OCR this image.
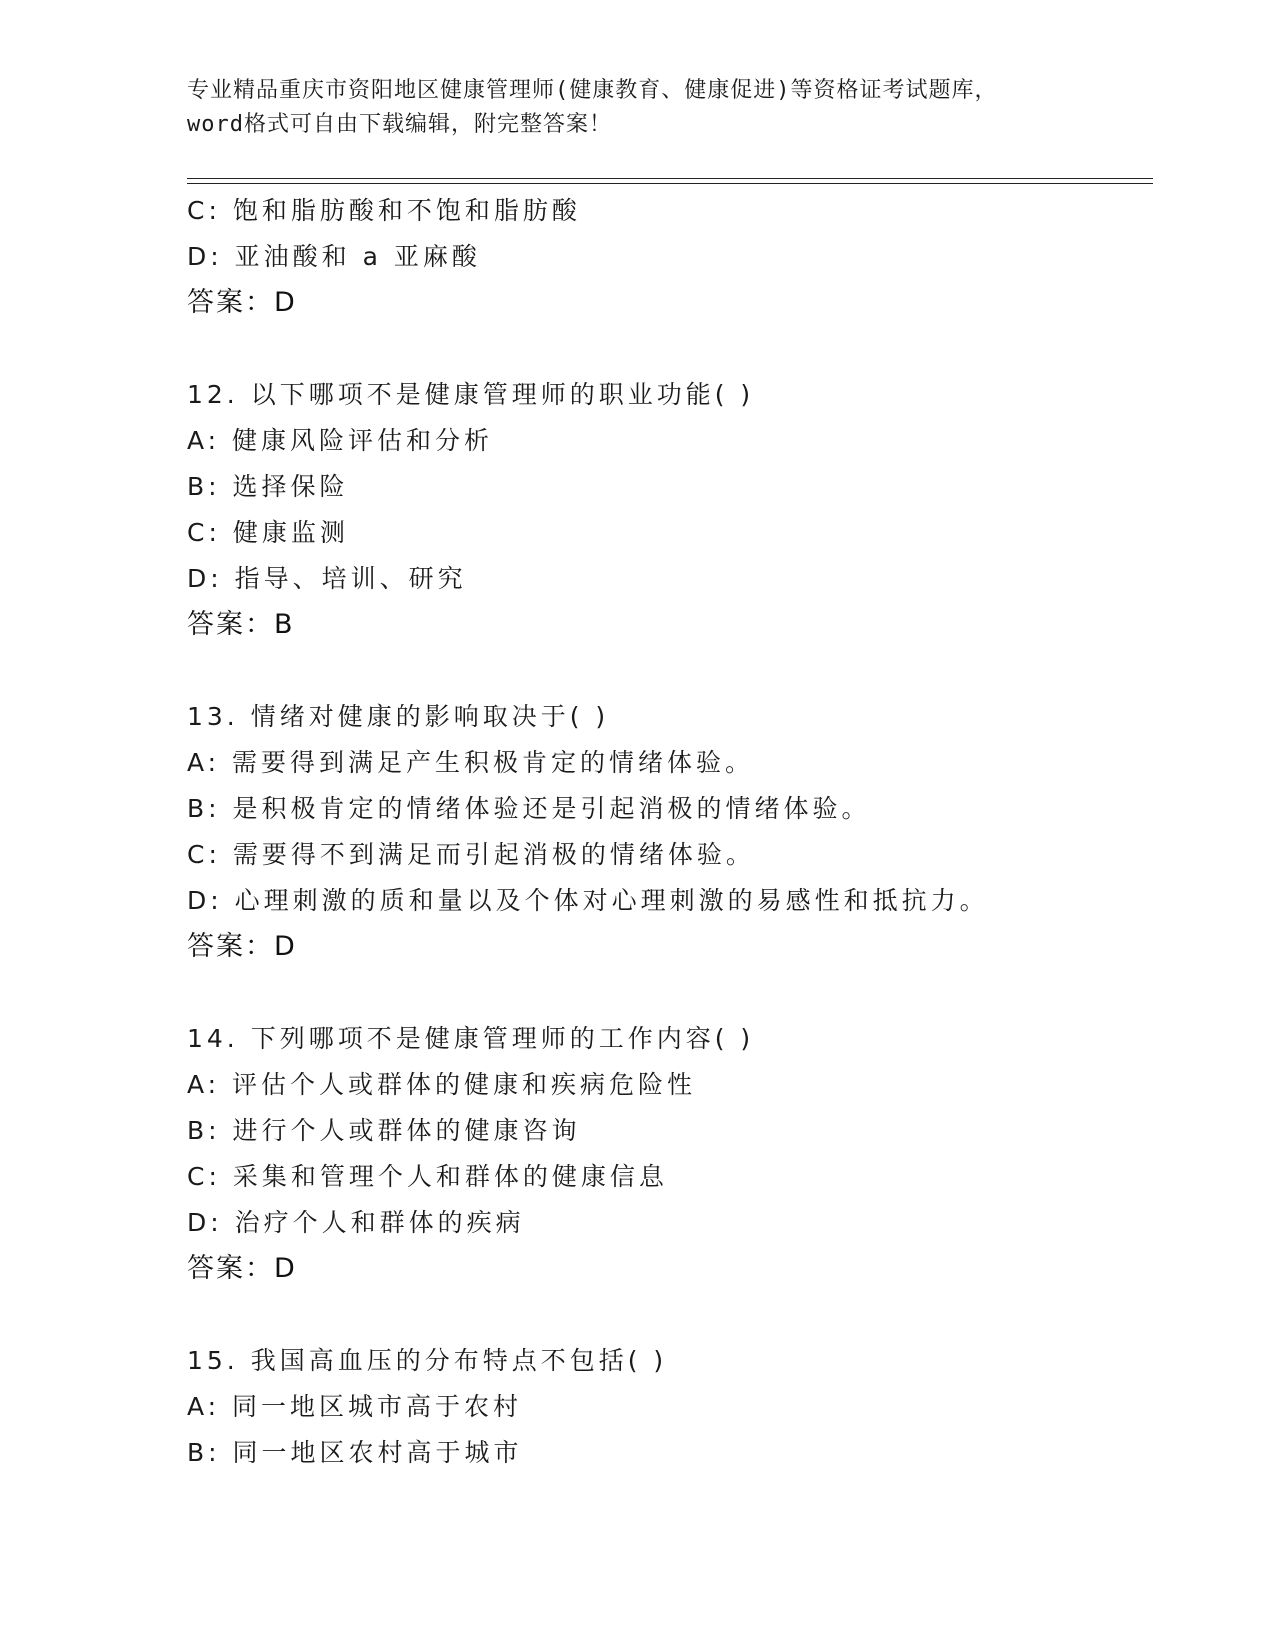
专业精品重庆市资阳地区健康管理师(健康教育、健康促进)等资格证考试题库，
word格式可自由下载编辑，附完整答案！
C: 饱和脂肪酸和不饱和脂肪酸
D: 亚油酸和 a 亚麻酸
答案：D
12. 以下哪项不是健康管理师的职业功能( )
A: 健康风险评估和分析
B: 选择保险
C: 健康监测
D: 指导、培训、研究
答案：B
13. 情绪对健康的影响取决于( )
A: 需要得到满足产生积极肯定的情绪体验。
B: 是积极肯定的情绪体验还是引起消极的情绪体验。
C: 需要得不到满足而引起消极的情绪体验。
D: 心理刺激的质和量以及个体对心理刺激的易感性和抵抗力。
答案：D
14. 下列哪项不是健康管理师的工作内容( )
A: 评估个人或群体的健康和疾病危险性
B: 进行个人或群体的健康咨询
C: 采集和管理个人和群体的健康信息
D: 治疗个人和群体的疾病
答案：D
15. 我国高血压的分布特点不包括( )
A: 同一地区城市高于农村
B: 同一地区农村高于城市
